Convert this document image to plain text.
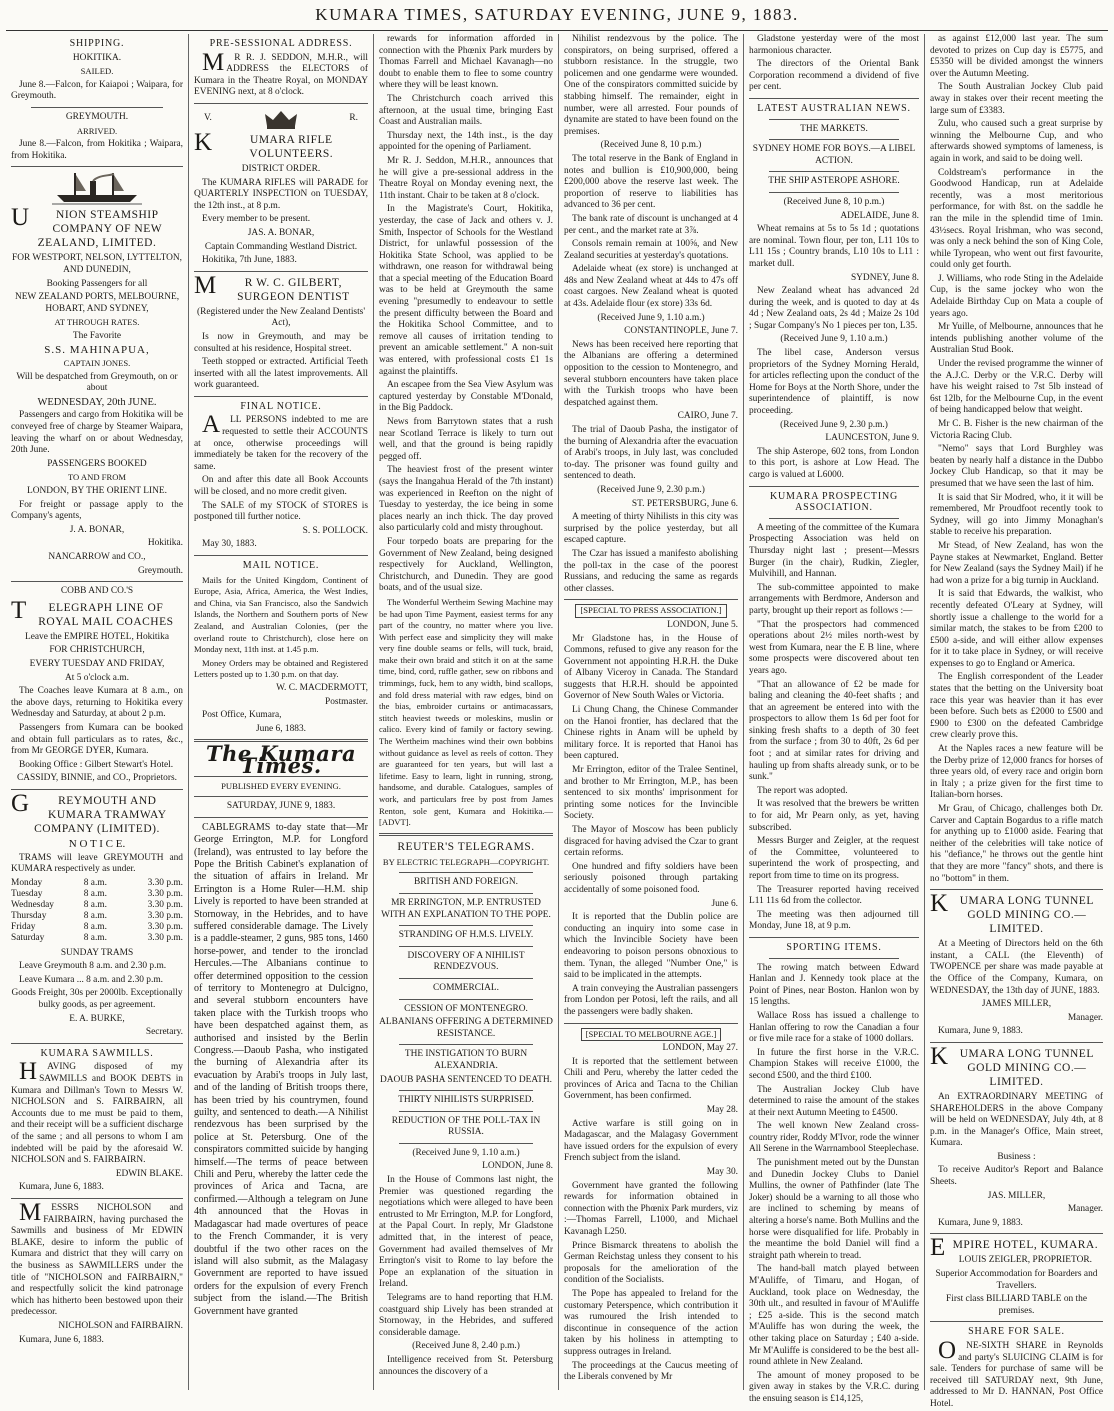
KUMARA TIMES, SATURDAY EVENING, JUNE 9, 1883.
SHIPPING.

HOKITIKA.

SAILED.

June 8.—Falcon, for Kaiapoi ; Waipara, for Greymouth.

GREYMOUTH.

ARRIVED.

June 8.—Falcon, from Hokitika ; Waipara, from Hokitika.

UNION STEAMSHIP COMPANY OF NEW ZEALAND, LIMITED.

FOR WESTPORT, NELSON, LYTTELTON, AND DUNEDIN,

Booking Passengers for all

NEW ZEALAND PORTS, MELBOURNE, HOBART, AND SYDNEY,

AT THROUGH RATES.

The Favorite

S.S. MAHINAPUA,

CAPTAIN JONES.

Will be despatched from Greymouth, on or about

WEDNESDAY, 20th JUNE.

Passengers and cargo from Hokitika will be conveyed free of charge by Steamer Waipara, leaving the wharf on or about Wednesday, 20th June.

PASSENGERS BOOKED

TO AND FROM

LONDON, BY THE ORIENT LINE.

For freight or passage apply to the Company's agents,

J. A. BONAR,

Hokitika.

NANCARROW and CO.,

Greymouth.

COBB AND CO.'S

TELEGRAPH LINE OF ROYAL MAIL COACHES

Leave the EMPIRE HOTEL, Hokitika

FOR CHRISTCHURCH,

EVERY TUESDAY AND FRIDAY,

At 5 o'clock a.m.

The Coaches leave Kumara at 8 a.m., on the above days, returning to Hokitika every Wednesday and Saturday, at about 2 p.m.

Passengers from Kumara can be booked and obtain full particulars as to rates, &c., from Mr GEORGE DYER, Kumara.

Booking Office : Gilbert Stewart's Hotel.

CASSIDY, BINNIE, and CO., Proprietors.

GREYMOUTH AND KUMARA TRAMWAY COMPANY (LIMITED).

N O T I C E.

TRAMS will leave GREYMOUTH and KUMARA respectively as under.

Monday	8 a.m.	3.30 p.m.
Tuesday	8 a.m.	3.30 p.m.
Wednesday	8 a.m.	3.30 p.m.
Thursday	8 a.m.	3.30 p.m.
Friday	8 a.m.	3.30 p.m.
Saturday	8 a.m.	3.30 p.m.

SUNDAY TRAMS

Leave Greymouth 8 a.m. and 2.30 p.m.

Leave Kumara ... 8 a.m. and 2.30 p.m.

Goods Freight, 30s per 2000lb. Exceptionally bulky goods, as per agreement.

E. A. BURKE,

Secretary.

KUMARA SAWMILLS.

HAVING disposed of my SAWMILLS and BOOK DEBTS in Kumara and Dillman's Town to Messrs W. NICHOLSON and S. FAIRBAIRN, all Accounts due to me must be paid to them, and their receipt will be a sufficient discharge of the same ; and all persons to whom I am indebted will be paid by the aforesaid W. NICHOLSON and S. FAIRBAIRN.

EDWIN BLAKE.

Kumara, June 6, 1883.

MESSRS NICHOLSON and FAIRBAIRN, having purchased the Sawmills and business of Mr EDWIN BLAKE, desire to inform the public of Kumara and district that they will carry on the business as SAWMILLERS under the title of "NICHOLSON and FAIRBAIRN," and respectfully solicit the kind patronage which has hitherto been bestowed upon their predecessor.

NICHOLSON and FAIRBAIRN.

Kumara, June 6, 1883.

PRE-SESSIONAL ADDRESS.

MR R. J. SEDDON, M.H.R., will ADDRESS the ELECTORS of Kumara in the Theatre Royal, on MONDAY EVENING next, at 8 o'clock.

V.	R.
KUMARA RIFLE VOLUNTEERS.

DISTRICT ORDER.

The KUMARA RIFLES will PARADE for QUARTERLY INSPECTION on TUESDAY, the 12th inst., at 8 p.m.

Every member to be present.

JAS. A. BONAR,

Captain Commanding Westland District.

Hokitika, 7th June, 1883.

MR W. C. GILBERT, SURGEON DENTIST

(Registered under the New Zealand Dentists' Act),

Is now in Greymouth, and may be consulted at his residence, Hospital street.

Teeth stopped or extracted. Artificial Teeth inserted with all the latest improvements. All work guaranteed.

FINAL NOTICE.

ALL PERSONS indebted to me are requested to settle their ACCOUNTS at once, otherwise proceedings will immediately be taken for the recovery of the same.

On and after this date all Book Accounts will be closed, and no more credit given.

The SALE of my STOCK of STORES is postponed till further notice.

S. S. POLLOCK.

May 30, 1883.

MAIL NOTICE.

Mails for the United Kingdom, Continent of Europe, Asia, Africa, America, the West Indies, and China, via San Francisco, also the Sandwich Islands, the Northern and Southern ports of New Zealand, and Australian Colonies, (per the overland route to Christchurch), close here on Monday next, 11th inst. at 1.45 p.m.

Money Orders may be obtained and Registered Letters posted up to 1.30 p.m. on that day.

W. C. MACDERMOTT,

Postmaster.

Post Office, Kumara,

June 6, 1883.

The Kumara Times.

PUBLISHED EVERY EVENING.

SATURDAY, JUNE 9, 1883.

CABLEGRAMS to-day state that—Mr George Errington, M.P. for Longford (Ireland), was entrusted to lay before the Pope the British Cabinet's explanation of the situation of affairs in Ireland. Mr Errington is a Home Ruler—H.M. ship Lively is reported to have been stranded at Stornoway, in the Hebrides, and to have suffered considerable damage. The Lively is a paddle-steamer, 2 guns, 985 tons, 1460 horse-power, and tender to the ironclad Hercules.—The Albanians continue to offer determined opposition to the cession of territory to Montenegro at Dulcigno, and several stubborn encounters have taken place with the Turkish troops who have been despatched against them, as authorised and insisted by the Berlin Congress.—Daoub Pasha, who instigated the burning of Alexandria after its evacuation by Arabi's troops in July last, and of the landing of British troops there, has been tried by his countrymen, found guilty, and sentenced to death.—A Nihilist rendezvous has been surprised by the police at St. Petersburg. One of the conspirators committed suicide by hanging himself.—The terms of peace between Chili and Peru, whereby the latter cede the provinces of Arica and Tacna, are confirmed.—Although a telegram on June 4th announced that the Hovas in Madagascar had made overtures of peace to the French Commander, it is very doubtful if the two other races on the island will also submit, as the Malagasy Government are reported to have issued orders for the expulsion of every French subject from the island.—The British Government have granted

rewards for information afforded in connection with the Phœnix Park murders by Thomas Farrell and Michael Kavanagh—no doubt to enable them to flee to some country where they will be least known.

The Christchurch coach arrived this afternoon, at the usual time, bringing East Coast and Australian mails.

Thursday next, the 14th inst., is the day appointed for the opening of Parliament.

Mr R. J. Seddon, M.H.R., announces that he will give a pre-sessional address in the Theatre Royal on Monday evening next, the 11th instant. Chair to be taken at 8 o'clock.

In the Magistrate's Court, Hokitika, yesterday, the case of Jack and others v. J. Smith, Inspector of Schools for the Westland District, for unlawful possession of the Hokitika State School, was applied to be withdrawn, one reason for withdrawal being that a special meeting of the Education Board was to be held at Greymouth the same evening "presumedly to endeavour to settle the present difficulty between the Board and the Hokitika School Committee, and to remove all causes of irritation tending to prevent an amicable settlement." A non-suit was entered, with professional costs £1 1s against the plaintiffs.

An escapee from the Sea View Asylum was captured yesterday by Constable M'Donald, in the Big Paddock.

News from Barrytown states that a rush near Scotland Terrace is likely to turn out well, and that the ground is being rapidly pegged off.

The heaviest frost of the present winter (says the Inangahua Herald of the 7th instant) was experienced in Reefton on the night of Tuesday to yesterday, the ice being in some places nearly an inch thick. The day proved also particularly cold and misty throughout.

Four torpedo boats are preparing for the Government of New Zealand, being designed respectively for Auckland, Wellington, Christchurch, and Dunedin. They are good boats, and of the usual size.

The Wonderful Wertheim Sewing Machine may be had upon Time Payment, easiest terms for any part of the country, no matter where you live. With perfect ease and simplicity they will make very fine double seams or fells, will tuck, braid, make their own braid and stitch it on at the same time, bind, cord, ruffle gather, sew on ribbons and trimmings, fuck, hem to any width, bind scallops, and fold dress material with raw edges, bind on the bias, embroider curtains or antimacassars, stitch heaviest tweeds or moleskins, muslin or calico. Every kind of family or factory sewing. The Wertheim machines wind their own bobbins without guidance as level as reels of cotton. They are guaranteed for ten years, but will last a lifetime. Easy to learn, light in running, strong, handsome, and durable. Catalogues, samples of work, and particulars free by post from James Renton, sole gent, Kumara and Hokitika.—[ADVT].

REUTER'S TELEGRAMS.

BY ELECTRIC TELEGRAPH—COPYRIGHT.

BRITISH AND FOREIGN.

MR ERRINGTON, M.P. ENTRUSTED WITH AN EXPLANATION TO THE POPE.

STRANDING OF H.M.S. LIVELY.

DISCOVERY OF A NIHILIST RENDEZVOUS.

COMMERCIAL.

CESSION OF MONTENEGRO.

ALBANIANS OFFERING A DETERMINED RESISTANCE.

THE INSTIGATION TO BURN ALEXANDRIA.

DAOUB PASHA SENTENCED TO DEATH.

THIRTY NIHILISTS SURPRISED.

REDUCTION OF THE POLL-TAX IN RUSSIA.

(Received June 9, 1.10 a.m.)

LONDON, June 8.

In the House of Commons last night, the Premier was questioned regarding the negotiations which were alleged to have been entrusted to Mr Errington, M.P. for Longford, at the Papal Court. In reply, Mr Gladstone admitted that, in the interest of peace, Government had availed themselves of Mr Errington's visit to Rome to lay before the Pope an explanation of the situation in Ireland.

Telegrams are to hand reporting that H.M. coastguard ship Lively has been stranded at Stornoway, in the Hebrides, and suffered considerable damage.

(Received June 8, 2.40 p.m.)

Intelligence received from St. Petersburg announces the discovery of a

Nihilist rendezvous by the police. The conspirators, on being surprised, offered a stubborn resistance. In the struggle, two policemen and one gendarme were wounded. One of the conspirators committed suicide by stabbing himself. The remainder, eight in number, were all arrested. Four pounds of dynamite are stated to have been found on the premises.

(Received June 8, 10 p.m.)

The total reserve in the Bank of England in notes and bullion is £10,900,000, being £200,000 above the reserve last week. The proportion of reserve to liabilities has advanced to 36 per cent.

The bank rate of discount is unchanged at 4 per cent., and the market rate at 3⅞.

Consols remain remain at 100⅝, and New Zealand securities at yesterday's quotations.

Adelaide wheat (ex store) is unchanged at 48s and New Zealand wheat at 44s to 47s off coast cargoes. New Zealand wheat is quoted at 43s. Adelaide flour (ex store) 33s 6d.

(Received June 9, 1.10 a.m.)

CONSTANTINOPLE, June 7.

News has been received here reporting that the Albanians are offering a determined opposition to the cession to Montenegro, and several stubborn encounters have taken place with the Turkish troops who have been despatched against them.

CAIRO, June 7.

The trial of Daoub Pasha, the instigator of the burning of Alexandria after the evacuation of Arabi's troops, in July last, was concluded to-day. The prisoner was found guilty and sentenced to death.

(Received June 9, 2.30 p.m.)

ST. PETERSBURG, June 6.

A meeting of thirty Nihilists in this city was surprised by the police yesterday, but all escaped capture.

The Czar has issued a manifesto abolishing the poll-tax in the case of the poorest Russians, and reducing the same as regards other classes.

[SPECIAL TO PRESS ASSOCIATION.]

LONDON, June 5.

Mr Gladstone has, in the House of Commons, refused to give any reason for the Government not appointing H.R.H. the Duke of Albany Viceroy in Canada. The Standard suggests that H.R.H. should be appointed Governor of New South Wales or Victoria.

Li Chung Chang, the Chinese Commander on the Hanoi frontier, has declared that the Chinese rights in Anam will be upheld by military force. It is reported that Hanoi has been captured.

Mr Errington, editor of the Tralee Sentinel, and brother to Mr Errington, M.P., has been sentenced to six months' imprisonment for printing some notices for the Invincible Society.

The Mayor of Moscow has been publicly disgraced for having advised the Czar to grant certain reforms.

One hundred and fifty soldiers have been seriously poisoned through partaking accidentally of some poisoned food.

June 6.

It is reported that the Dublin police are conducting an inquiry into some case in which the Invincible Society have been endeavoring to poison persons obnoxious to them. Tynan, the alleged "Number One," is said to be implicated in the attempts.

A train conveying the Australian passengers from London per Potosi, left the rails, and all the passengers were badly shaken.

[SPECIAL TO MELBOURNE AGE.]

LONDON, May 27.

It is reported that the settlement between Chili and Peru, whereby the latter ceded the provinces of Arica and Tacna to the Chilian Government, has been confirmed.

May 28.

Active warfare is still going on in Madagascar, and the Malagasy Government have issued orders for the expulsion of every French subject from the island.

May 30.

Government have granted the following rewards for information obtained in connection with the Phœnix Park murders, viz :—Thomas Farrell, L1000, and Michael Kavanagh L250.

Prince Bismarck threatens to abolish the German Reichstag unless they consent to his proposals for the amelioration of the condition of the Socialists.

The Pope has appealed to Ireland for the customary Peterspence, which contribution it was rumoured the Irish intended to discontinue in consequence of the action taken by his holiness in attempting to suppress outrages in Ireland.

The proceedings at the Caucus meeting of the Liberals convened by Mr

Gladstone yesterday were of the most harmonious character.

The directors of the Oriental Bank Corporation recommend a dividend of five per cent.

LATEST AUSTRALIAN NEWS.

THE MARKETS.

SYDNEY HOME FOR BOYS.—A LIBEL ACTION.

THE SHIP ASTEROPE ASHORE.

(Received June 8, 10 p.m.)

ADELAIDE, June 8.

Wheat remains at 5s to 5s 1d ; quotations are nominal. Town flour, per ton, L11 10s to L11 15s ; Country brands, L10 10s to L11 : market dull.

SYDNEY, June 8.

New Zealand wheat has advanced 2d during the week, and is quoted to day at 4s 4d ; New Zealand oats, 2s 4d ; Maize 2s 10d ; Sugar Company's No 1 pieces per ton, L35.

(Received June 9, 1.10 a.m.)

The libel case, Anderson versus proprietors of the Sydney Morning Herald, for articles reflecting upon the conduct of the Home for Boys at the North Shore, under the superintendence of plaintiff, is now proceeding.

(Received June 9, 2.30 p.m.)

LAUNCESTON, June 9.

The ship Asterope, 602 tons, from London to this port, is ashore at Low Head. The cargo is valued at L6000.

KUMARA PROSPECTING ASSOCIATION.

A meeting of the committee of the Kumara Prospecting Association was held on Thursday night last ; present—Messrs Burger (in the chair), Rudkin, Ziegler, Mulvihill, and Hannan.

The sub-committee appointed to make arrangements with Berdmore, Anderson and party, brought up their report as follows :—

"That the prospectors had commenced operations about 2½ miles north-west by west from Kumara, near the E B line, where some prospects were discovered about ten years ago.

"That an allowance of £2 be made for baling and cleaning the 40-feet shafts ; and that an agreement be entered into with the prospectors to allow them 1s 6d per foot for sinking fresh shafts to a depth of 30 feet from the surface ; from 30 to 40ft, 2s 6d per foot ; and at similar rates for driving and hauling up from shafts already sunk, or to be sunk."

The report was adopted.

It was resolved that the brewers be written to for aid, Mr Pearn only, as yet, having subscribed.

Messrs Burger and Zeigler, at the request of the Committee, volunteered to superintend the work of prospecting, and report from time to time on its progress.

The Treasurer reported having received L11 11s 6d from the collector.

The meeting was then adjourned till Monday, June 18, at 9 p.m.

SPORTING ITEMS.

The rowing match between Edward Hanlan and J. Kennedy took place at the Point of Pines, near Boston. Hanlon won by 15 lengths.

Wallace Ross has issued a challenge to Hanlan offering to row the Canadian a four or five mile race for a stake of 1000 dollars.

In future the first horse in the V.R.C. Champion Stakes will receive £1000, the second £500, and the third £100.

The Australian Jockey Club have determined to raise the amount of the stakes at their next Autumn Meeting to £4500.

The well known New Zealand cross-country rider, Roddy M'Ivor, rode the winner All Serene in the Warrnambool Steeplechase.

The punishment meted out by the Dunstan and Dunedin Jockey Clubs to Daniel Mullins, the owner of Pathfinder (late The Joker) should be a warning to all those who are inclined to scheming by means of altering a horse's name. Both Mullins and the horse were disqualified for life. Probably in the meantime the bold Daniel will find a straight path wherein to tread.

The hand-ball match played between M'Auliffe, of Timaru, and Hogan, of Auckland, took place on Wednesday, the 30th ult., and resulted in favour of M'Auliffe ; £25 a-side. This is the second match M'Auliffe has won during the week, the other taking place on Saturday ; £40 a-side. Mr M'Auliffe is considered to be the best all-round athlete in New Zealand.

The amount of money proposed to be given away in stakes by the V.R.C. during the ensuing season is £14,125,

as against £12,000 last year. The sum devoted to prizes on Cup day is £5775, and £5350 will be divided amongst the winners over the Autumn Meeting.

The South Australian Jockey Club paid away in stakes over their recent meeting the large sum of £3383.

Zulu, who caused such a great surprise by winning the Melbourne Cup, and who afterwards showed symptoms of lameness, is again in work, and said to be doing well.

Coldstream's performance in the Goodwood Handicap, run at Adelaide recently, was a most meritorious performance, for with 8st. on the saddle he ran the mile in the splendid time of 1min. 43½secs. Royal Irishman, who was second, was only a neck behind the son of King Cole, while Tyropean, who went out first favourite, could only get fourth.

J. Williams, who rode Sting in the Adelaide Cup, is the same jockey who won the Adelaide Birthday Cup on Mata a couple of years ago.

Mr Yuille, of Melbourne, announces that he intends publishing another volume of the Australian Stud Book.

Under the revised programme the winner of the A.J.C. Derby or the V.R.C. Derby will have his weight raised to 7st 5lb instead of 6st 12lb, for the Melbourne Cup, in the event of being handicapped below that weight.

Mr C. B. Fisher is the new chairman of the Victoria Racing Club.

"Nemo" says that Lord Burghley was beaten by nearly half a distance in the Dubbo Jockey Club Handicap, so that it may be presumed that we have seen the last of him.

It is said that Sir Modred, who, it it will be remembered, Mr Proudfoot recently took to Sydney, will go into Jimmy Monaghan's stable to receive his preparation.

Mr Stead, of New Zealand, has won the Payne stakes at Newmarket, England. Better for New Zealand (says the Sydney Mail) if he had won a prize for a big turnip in Auckland.

It is said that Edwards, the walkist, who recently defeated O'Leary at Sydney, will shortly issue a challenge to the world for a similar match, the stakes to be from £200 to £500 a-side, and will either allow expenses for it to take place in Sydney, or will receive expenses to go to England or America.

The English correspondent of the Leader states that the betting on the University boat race this year was heavier than it has ever been before. Such bets as £2000 to £500 and £900 to £300 on the defeated Cambridge crew clearly prove this.

At the Naples races a new feature will be the Derby prize of 12,000 francs for horses of three years old, of every race and origin born in Italy ; a prize given for the first time to Italian-born horses.

Mr Grau, of Chicago, challenges both Dr. Carver and Captain Bogardus to a rifle match for anything up to £1000 aside. Fearing that neither of the celebrities will take notice of his "defiance," he throws out the gentle hint that they are more "fancy" shots, and there is no "bottom" in them.

KUMARA LONG TUNNEL GOLD MINING CO.—LIMITED.

At a Meeting of Directors held on the 6th instant, a CALL (the Eleventh) of TWOPENCE per share was made payable at the Office of the Company, Kumara, on WEDNESDAY, the 13th day of JUNE, 1883.

JAMES MILLER,

Manager.

Kumara, June 9, 1883.

KUMARA LONG TUNNEL GOLD MINING CO.—LIMITED.

An EXTRAORDINARY MEETING of SHAREHOLDERS in the above Company will be held on WEDNESDAY, July 4th, at 8 p.m. in the Manager's Office, Main street, Kumara.

Business :

To receive Auditor's Report and Balance Sheets.

JAS. MILLER,

Manager.

Kumara, June 9, 1883.

EMPIRE HOTEL, KUMARA.

LOUIS ZEIGLER, PROPRIETOR.

Superior Accommodation for Boarders and Travellers.

First class BILLIARD TABLE on the premises.

SHARE FOR SALE.

ONE-SIXTH SHARE in Reynolds and party's SLUICING CLAIM is for sale. Tenders for purchase of same will be received till SATURDAY next, 9th June, addressed to Mr D. HANNAN, Post Office Hotel.
